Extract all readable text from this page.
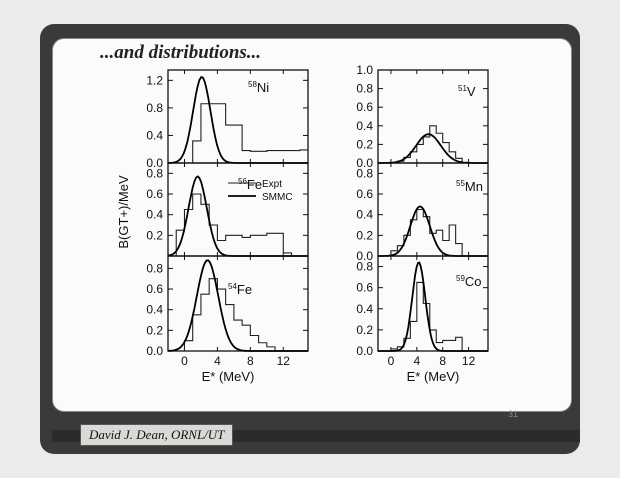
...and distributions...
B(GT+)/MeV
0.0
0.4
0.8
1.2	$^{58}$Ni
0.2
0.4
0.6
0.8
$^{56}$Fe Expt
SMMC
0.0
0.2
0.4
0.6
0.8
0 4 8 12
E* (MeV)
$^{54}$Fe
0.0
0.2
0.4
0.6
0.8
1.0
$^{51}$V
0.0
0.2
0.4
0.6
0.8
$^{55}$Mn
0.0
0.2
0.4
0.6
0.8
0 4 8 12
E* (MeV)
$^{59}$Co
31
David J. Dean, ORNL/UT
